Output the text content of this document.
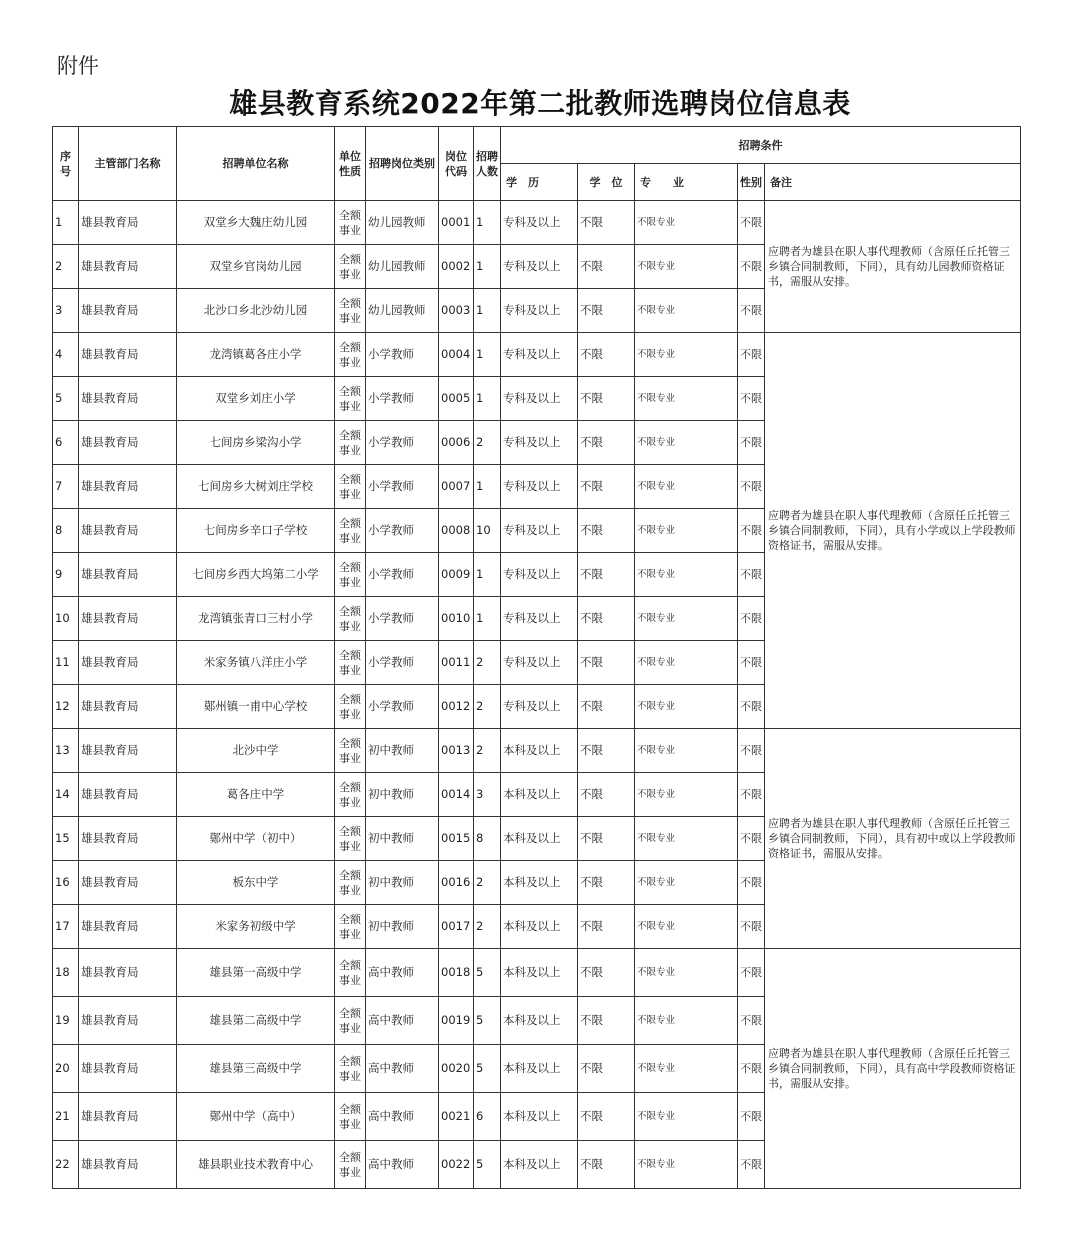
附件
雄县教育系统2022年第二批教师选聘岗位信息表
序号	主管部门名称	招聘单位名称	单位性质	招聘岗位类别	岗位代码	招聘人数	招聘条件				
							学　历	学　位	专　　业	性别	备注
1	雄县教育局	双堂乡大魏庄幼儿园	全额事业	幼儿园教师	0001	1	专科及以上	不限	不限专业	不限	应聘者为雄县在职人事代理教师（含原任丘托管三乡镇合同制教师，下同），具有幼儿园教师资格证书，需服从安排。
2	雄县教育局	双堂乡官岗幼儿园	全额事业	幼儿园教师	0002	1	专科及以上	不限	不限专业	不限	
3	雄县教育局	北沙口乡北沙幼儿园	全额事业	幼儿园教师	0003	1	专科及以上	不限	不限专业	不限	
4	雄县教育局	龙湾镇葛各庄小学	全额事业	小学教师	0004	1	专科及以上	不限	不限专业	不限	应聘者为雄县在职人事代理教师（含原任丘托管三乡镇合同制教师，下同），具有小学或以上学段教师资格证书，需服从安排。
5	雄县教育局	双堂乡刘庄小学	全额事业	小学教师	0005	1	专科及以上	不限	不限专业	不限	
6	雄县教育局	七间房乡梁沟小学	全额事业	小学教师	0006	2	专科及以上	不限	不限专业	不限	
7	雄县教育局	七间房乡大树刘庄学校	全额事业	小学教师	0007	1	专科及以上	不限	不限专业	不限	
8	雄县教育局	七间房乡辛口子学校	全额事业	小学教师	0008	10	专科及以上	不限	不限专业	不限	
9	雄县教育局	七间房乡西大坞第二小学	全额事业	小学教师	0009	1	专科及以上	不限	不限专业	不限	
10	雄县教育局	龙湾镇张青口三村小学	全额事业	小学教师	0010	1	专科及以上	不限	不限专业	不限	
11	雄县教育局	米家务镇八洋庄小学	全额事业	小学教师	0011	2	专科及以上	不限	不限专业	不限	
12	雄县教育局	鄚州镇一甫中心学校	全额事业	小学教师	0012	2	专科及以上	不限	不限专业	不限	
13	雄县教育局	北沙中学	全额事业	初中教师	0013	2	本科及以上	不限	不限专业	不限	应聘者为雄县在职人事代理教师（含原任丘托管三乡镇合同制教师，下同），具有初中或以上学段教师资格证书，需服从安排。
14	雄县教育局	葛各庄中学	全额事业	初中教师	0014	3	本科及以上	不限	不限专业	不限	
15	雄县教育局	鄚州中学（初中）	全额事业	初中教师	0015	8	本科及以上	不限	不限专业	不限	
16	雄县教育局	板东中学	全额事业	初中教师	0016	2	本科及以上	不限	不限专业	不限	
17	雄县教育局	米家务初级中学	全额事业	初中教师	0017	2	本科及以上	不限	不限专业	不限	
18	雄县教育局	雄县第一高级中学	全额事业	高中教师	0018	5	本科及以上	不限	不限专业	不限	应聘者为雄县在职人事代理教师（含原任丘托管三乡镇合同制教师，下同），具有高中学段教师资格证书，需服从安排。
19	雄县教育局	雄县第二高级中学	全额事业	高中教师	0019	5	本科及以上	不限	不限专业	不限	
20	雄县教育局	雄县第三高级中学	全额事业	高中教师	0020	5	本科及以上	不限	不限专业	不限	
21	雄县教育局	鄚州中学（高中）	全额事业	高中教师	0021	6	本科及以上	不限	不限专业	不限	
22	雄县教育局	雄县职业技术教育中心	全额事业	高中教师	0022	5	本科及以上	不限	不限专业	不限	
